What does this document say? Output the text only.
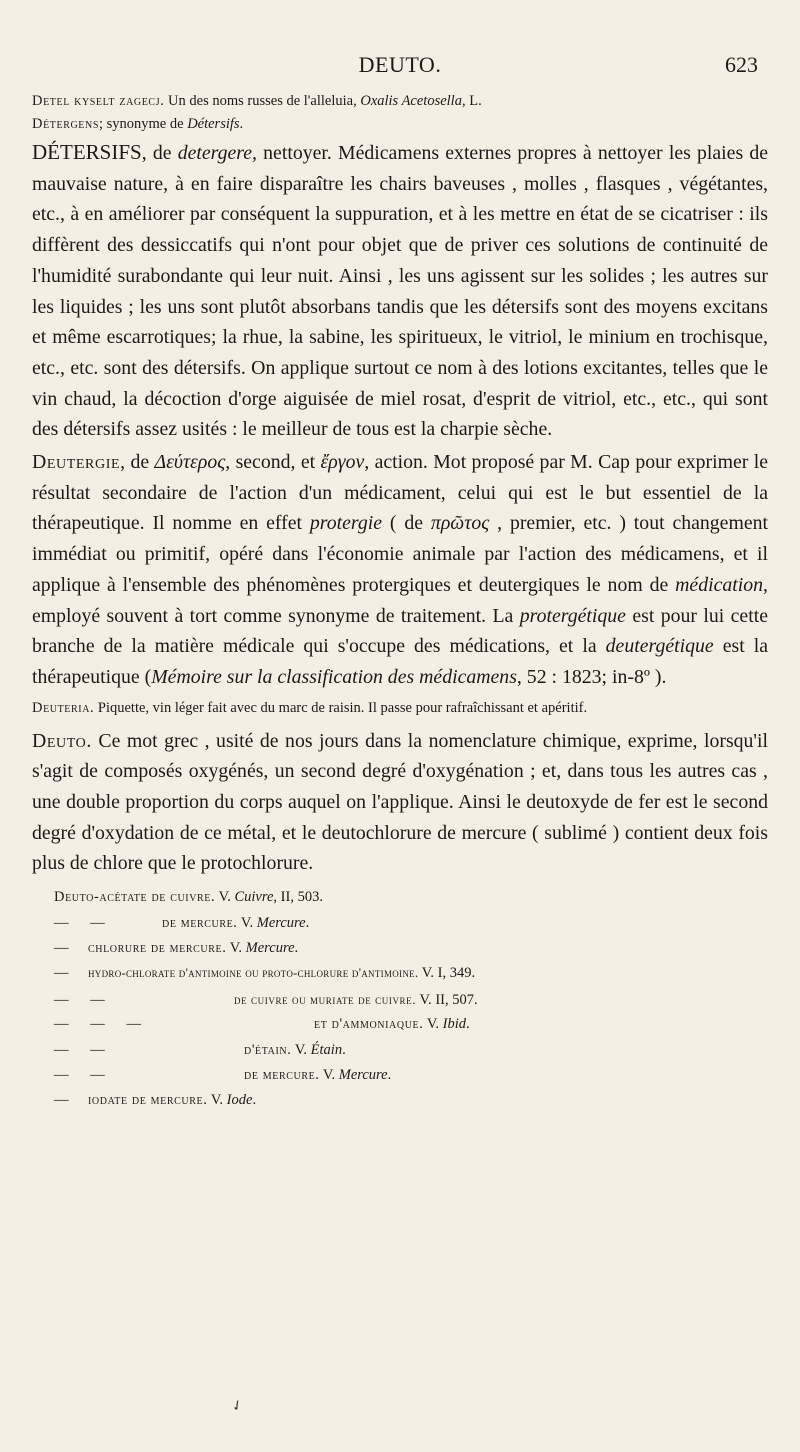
DEUTO.	623

Detel kyselt zagecj. Un des noms russes de l'alleluia, Oxalis Acetosella, L.

Détergens; synonyme de Détersifs.

DÉTERSIFS, de detergere, nettoyer. Médicamens externes propres à nettoyer les plaies de mauvaise nature, à en faire disparaître les chairs baveuses , molles , flasques , végétantes, etc., à en améliorer par conséquent la suppuration, et à les mettre en état de se cicatriser : ils diffèrent des dessiccatifs qui n'ont pour objet que de priver ces solutions de continuité de l'humidité surabondante qui leur nuit. Ainsi , les uns agissent sur les solides ; les autres sur les liquides ; les uns sont plutôt absorbans tandis que les détersifs sont des moyens excitans et même escarrotiques; la rhue, la sabine, les spiritueux, le vitriol, le minium en trochisque, etc., etc. sont des détersifs. On applique surtout ce nom à des lotions excitantes, telles que le vin chaud, la décoction d'orge aiguisée de miel rosat, d'esprit de vitriol, etc., etc., qui sont des détersifs assez usités : le meilleur de tous est la charpie sèche.

Deutergie, de Δεύτερος, second, et ἔργον, action. Mot proposé par M. Cap pour exprimer le résultat secondaire de l'action d'un médicament, celui qui est le but essentiel de la thérapeutique. Il nomme en effet protergie ( de πρῶτος , premier, etc. ) tout changement immédiat ou primitif, opéré dans l'économie animale par l'action des médicamens, et il applique à l'ensemble des phénomènes protergiques et deutergiques le nom de médication, employé souvent à tort comme synonyme de traitement. La protergétique est pour lui cette branche de la matière médicale qui s'occupe des médications, et la deutergétique est la thérapeutique (Mémoire sur la classification des médicamens, 52 : 1823; in-8º ).

Deuteria. Piquette, vin léger fait avec du marc de raisin. Il passe pour rafraîchissant et apéritif.

Deuto. Ce mot grec , usité de nos jours dans la nomenclature chimique, exprime, lorsqu'il s'agit de composés oxygénés, un second degré d'oxygénation ; et, dans tous les autres cas , une double proportion du corps auquel on l'applique. Ainsi le deutoxyde de fer est le second degré d'oxydation de ce métal, et le deutochlorure de mercure ( sublimé ) contient deux fois plus de chlore que le protochlorure.

Deuto-acétate de cuivre. V. Cuivre, II, 503.
—      —	de mercure. V. Mercure.
— chlorure de mercure. V. Mercure.
— hydro-chlorate d'antimoine ou proto-chlorure d'antimoine. V. I, 349.
—      —	de cuivre ou muriate de cuivre. V. II, 507.
—      —      —	et d'ammoniaque. V. Ibid.
—      —	d'étain. V. Étain.
—      —	de mercure. V. Mercure.
— iodate de mercure. V. Iode.
✓
